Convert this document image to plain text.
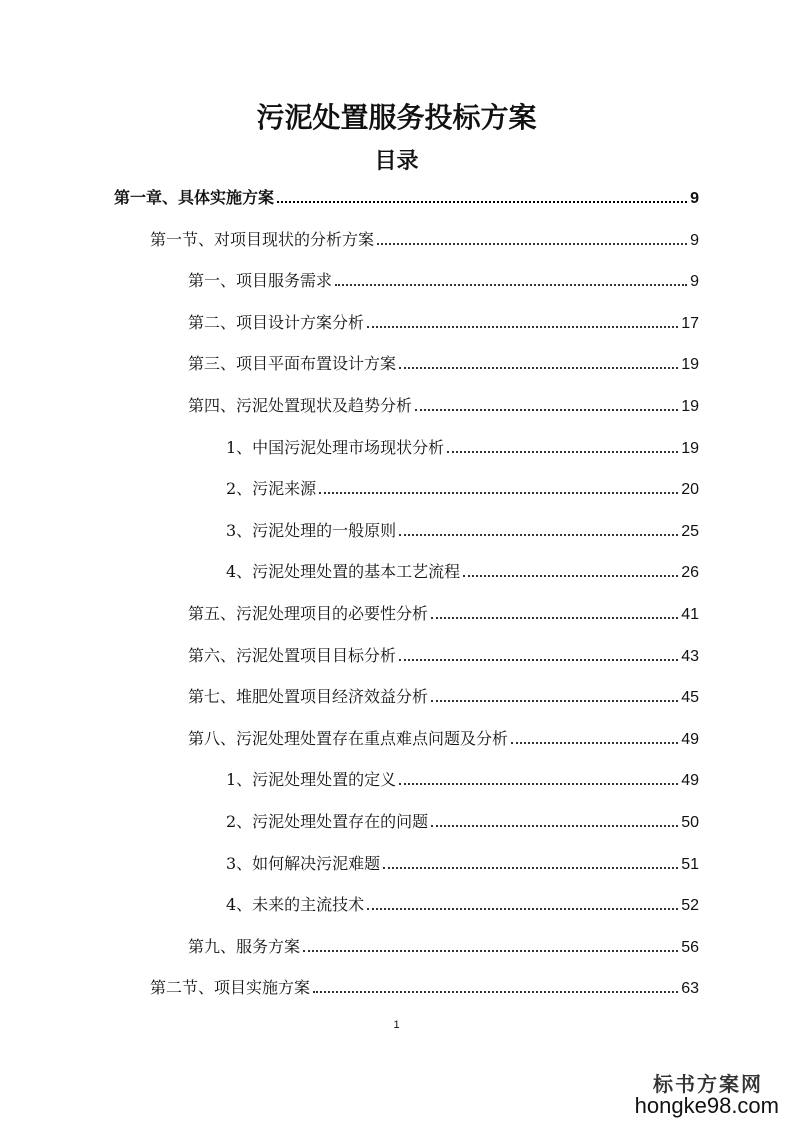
污泥处置服务投标方案
目录
第一章、具体实施方案	9
第一节、对项目现状的分析方案	9
第一、项目服务需求	9
第二、项目设计方案分析	17
第三、项目平面布置设计方案	19
第四、污泥处置现状及趋势分析	19
1、中国污泥处理市场现状分析	19
2、污泥来源	20
3、污泥处理的一般原则	25
4、污泥处理处置的基本工艺流程	26
第五、污泥处理项目的必要性分析	41
第六、污泥处置项目目标分析	43
第七、堆肥处置项目经济效益分析	45
第八、污泥处理处置存在重点难点问题及分析	49
1、污泥处理处置的定义	49
2、污泥处理处置存在的问题	50
3、如何解决污泥难题	51
4、未来的主流技术	52
第九、服务方案	56
第二节、项目实施方案	63
1
标书方案网
hongke98.com
